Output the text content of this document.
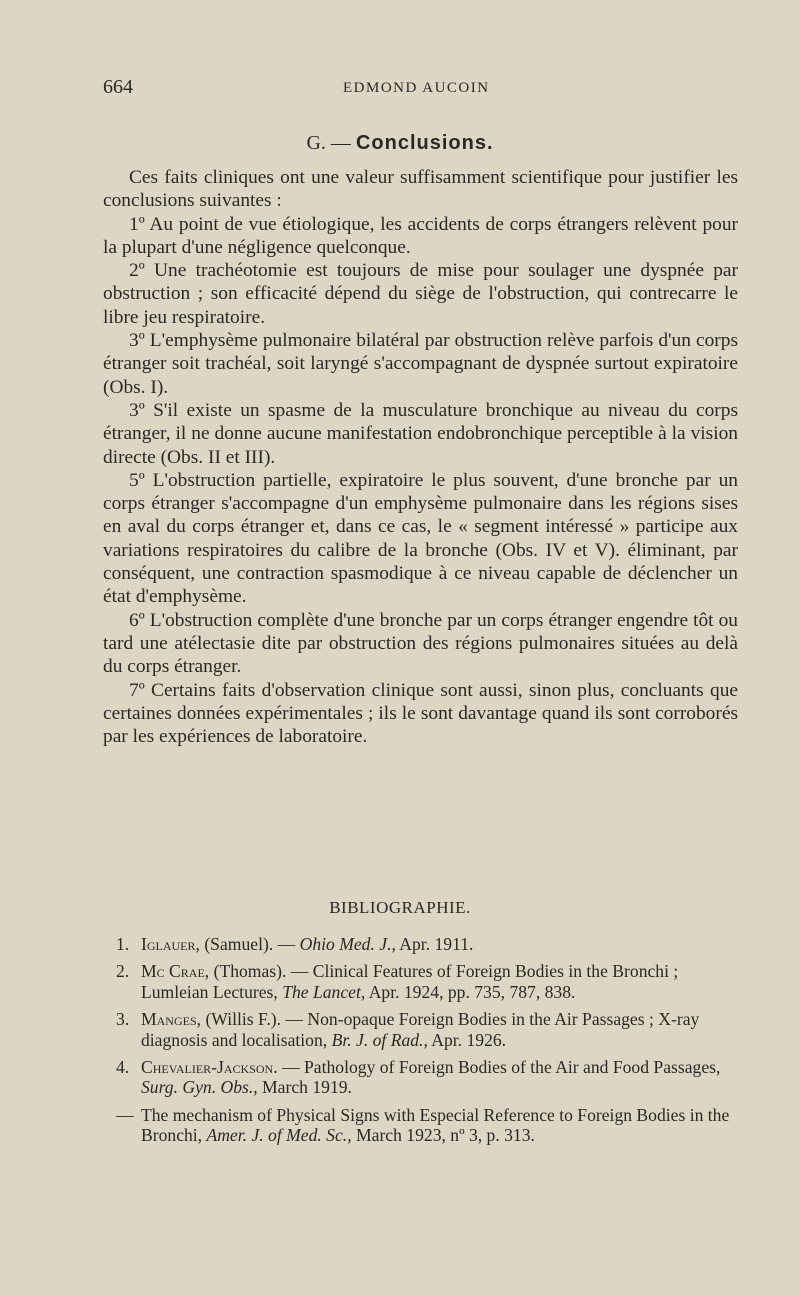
664	EDMOND AUCOIN
G. — Conclusions.

Ces faits cliniques ont une valeur suffisamment scientifique pour justifier les conclusions suivantes :

1º Au point de vue étiologique, les accidents de corps étrangers relèvent pour la plupart d'une négligence quelconque.

2º Une trachéotomie est toujours de mise pour soulager une dyspnée par obstruction ; son efficacité dépend du siège de l'obstruction, qui contrecarre le libre jeu respiratoire.

3º L'emphysème pulmonaire bilatéral par obstruction relève parfois d'un corps étranger soit trachéal, soit laryngé s'accompagnant de dyspnée surtout expiratoire (Obs. I).

3º S'il existe un spasme de la musculature bronchique au niveau du corps étranger, il ne donne aucune manifestation endobronchique perceptible à la vision directe (Obs. II et III).

5º L'obstruction partielle, expiratoire le plus souvent, d'une bronche par un corps étranger s'accompagne d'un emphysème pulmonaire dans les régions sises en aval du corps étranger et, dans ce cas, le « segment intéressé » participe aux variations respiratoires du calibre de la bronche (Obs. IV et V). éliminant, par conséquent, une contraction spasmodique à ce niveau capable de déclencher un état d'emphysème.

6º L'obstruction complète d'une bronche par un corps étranger engendre tôt ou tard une atélectasie dite par obstruction des régions pulmonaires situées au delà du corps étranger.

7º Certains faits d'observation clinique sont aussi, sinon plus, concluants que certaines données expérimentales ; ils le sont davantage quand ils sont corroborés par les expériences de laboratoire.

BIBLIOGRAPHIE.
1. Iglauer, (Samuel). — Ohio Med. J., Apr. 1911.
2. Mc Crae, (Thomas). — Clinical Features of Foreign Bodies in the Bronchi ; Lumleian Lectures, The Lancet, Apr. 1924, pp. 735, 787, 838.
3. Manges, (Willis F.). — Non-opaque Foreign Bodies in the Air Passages ; X-ray diagnosis and localisation, Br. J. of Rad., Apr. 1926.
4. Chevalier-Jackson. — Pathology of Foreign Bodies of the Air and Food Passages, Surg. Gyn. Obs., March 1919.
— The mechanism of Physical Signs with Especial Reference to Foreign Bodies in the Bronchi, Amer. J. of Med. Sc., March 1923, nº 3, p. 313.
